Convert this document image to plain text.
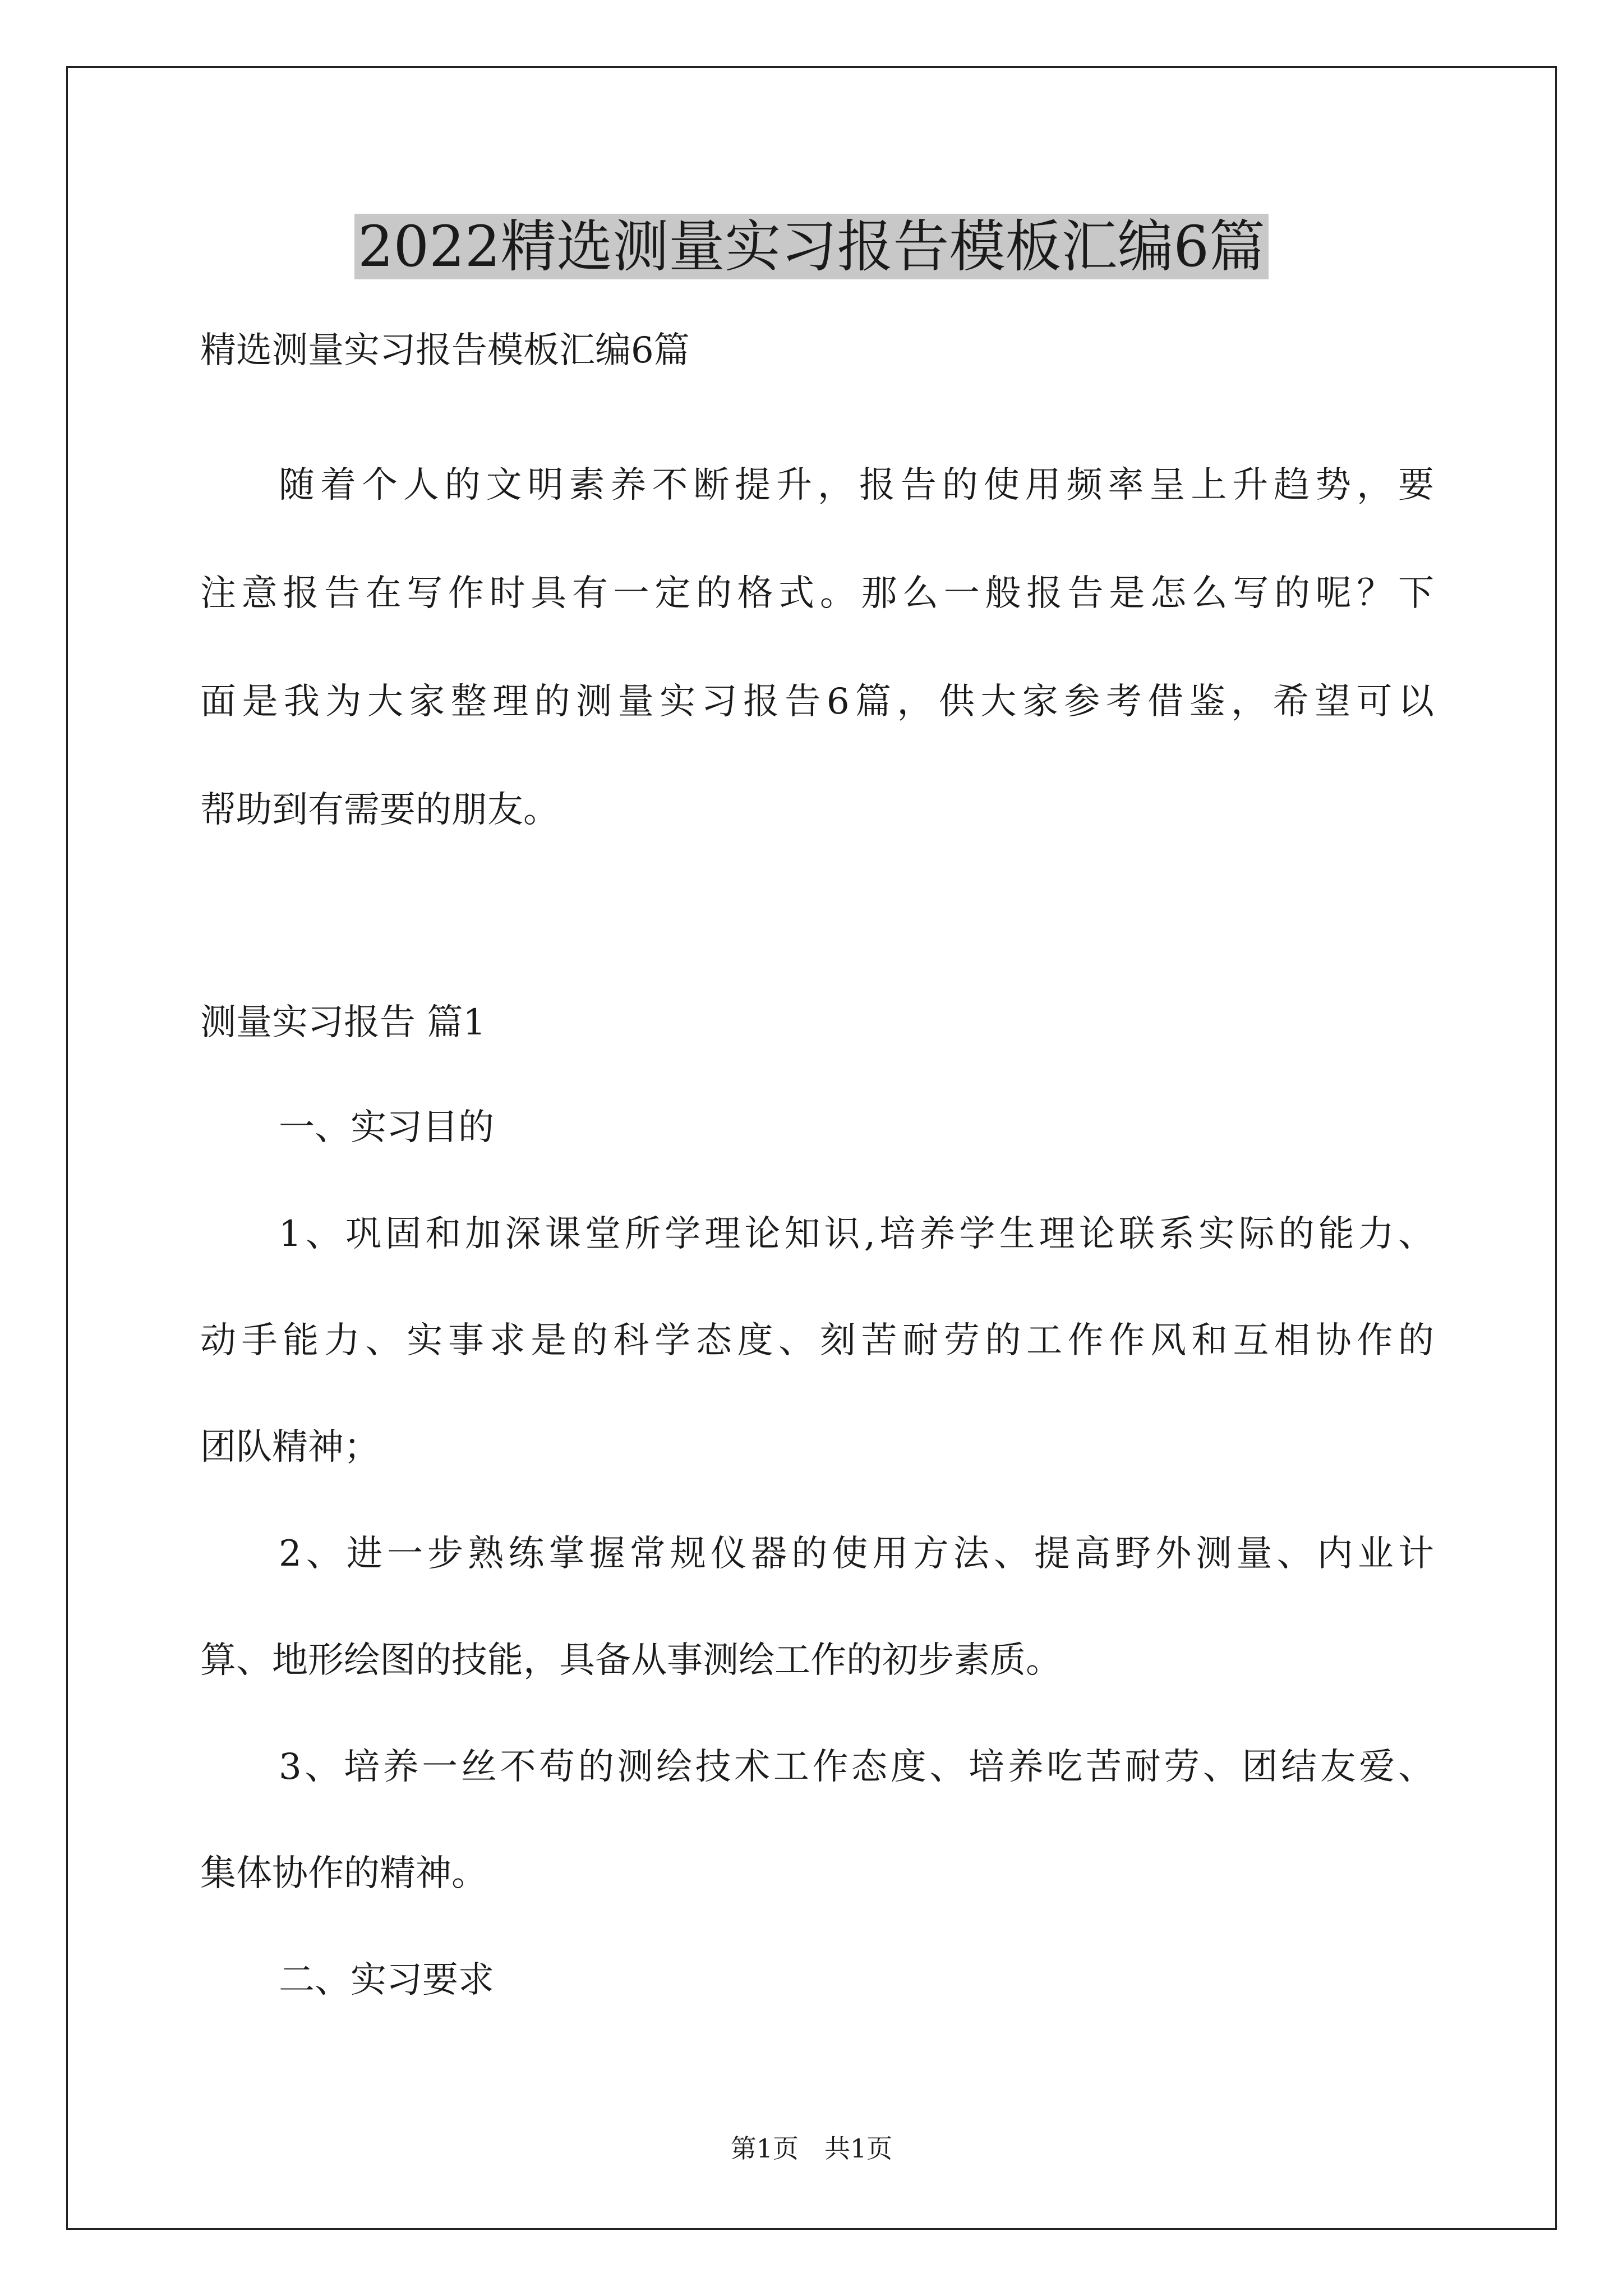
2022精选测量实习报告模板汇编6篇
精选测量实习报告模板汇编6篇
随着个人的文明素养不断提升，报告的使用频率呈上升趋势，要
注意报告在写作时具有一定的格式。那么一般报告是怎么写的呢？下
面是我为大家整理的测量实习报告6篇，供大家参考借鉴，希望可以
帮助到有需要的朋友。
测量实习报告 篇1
一、实习目的
1、巩固和加深课堂所学理论知识,培养学生理论联系实际的能力、
动手能力、实事求是的科学态度、刻苦耐劳的工作作风和互相协作的
团队精神；
2、进一步熟练掌握常规仪器的使用方法、提高野外测量、内业计
算、地形绘图的技能，具备从事测绘工作的初步素质。
3、培养一丝不苟的测绘技术工作态度、培养吃苦耐劳、团结友爱、
集体协作的精神。
二、实习要求
第1页　共1页
